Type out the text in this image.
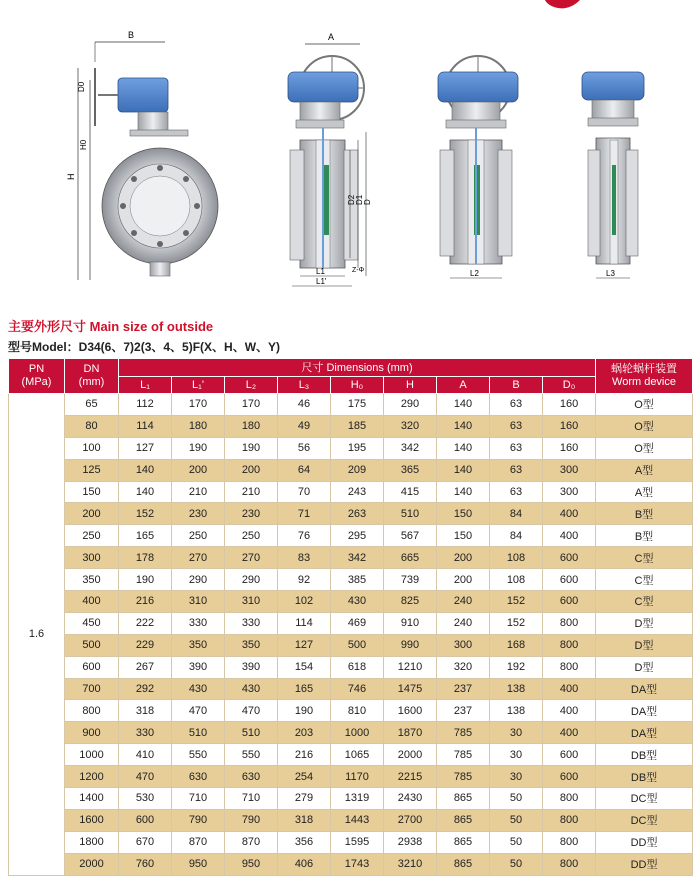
B
D0
H0
H
A
D2 D1 D
L1
L1'
Z-Φ	L2	L3

主要外形尺寸 Main size of outside

型号Model：D34(6、7)2(3、4、5)F(X、H、W、Y)

PN
(MPa)	DN
(mm)	尺寸 Dimensions (mm)									蜗轮蜗杆装置
Worm device
		L₁	L₁'	L₂	L₃	H₀	H	A	B	D₀	
1.6	65	112	170	170	46	175	290	140	63	160	O型
	80	114	180	180	49	185	320	140	63	160	O型
	100	127	190	190	56	195	342	140	63	160	O型
	125	140	200	200	64	209	365	140	63	300	A型
	150	140	210	210	70	243	415	140	63	300	A型
	200	152	230	230	71	263	510	150	84	400	B型
	250	165	250	250	76	295	567	150	84	400	B型
	300	178	270	270	83	342	665	200	108	600	C型
	350	190	290	290	92	385	739	200	108	600	C型
	400	216	310	310	102	430	825	240	152	600	C型
	450	222	330	330	114	469	910	240	152	800	D型
	500	229	350	350	127	500	990	300	168	800	D型
	600	267	390	390	154	618	1210	320	192	800	D型
	700	292	430	430	165	746	1475	237	138	400	DA型
	800	318	470	470	190	810	1600	237	138	400	DA型
	900	330	510	510	203	1000	1870	785	30	400	DA型
	1000	410	550	550	216	1065	2000	785	30	600	DB型
	1200	470	630	630	254	1170	2215	785	30	600	DB型
	1400	530	710	710	279	1319	2430	865	50	800	DC型
	1600	600	790	790	318	1443	2700	865	50	800	DC型
	1800	670	870	870	356	1595	2938	865	50	800	DD型
	2000	760	950	950	406	1743	3210	865	50	800	DD型
